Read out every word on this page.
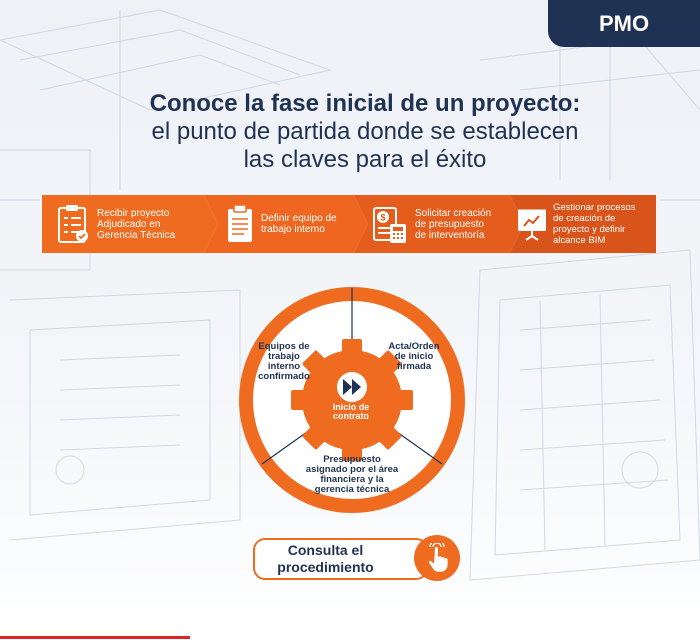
PMO
Conoce la fase inicial de un proyecto:
el punto de partida donde se establecen
las claves para el éxito
Recibir proyecto
Adjudicado en
Gerencia Técnica
Definir equipo de
trabajo interno
$	Solicitar creación
de presupuesto
de interventoría
Gestionar procesos
de creación de
proyecto y definir
alcance BIM
Inicio de
contrato
Equipos de
trabajo
interno
confirmado
Acta/Orden
de inicio
firmada
Presupuesto
asignado por el área
financiera y la
gerencia técnica
Consulta el
procedimiento
